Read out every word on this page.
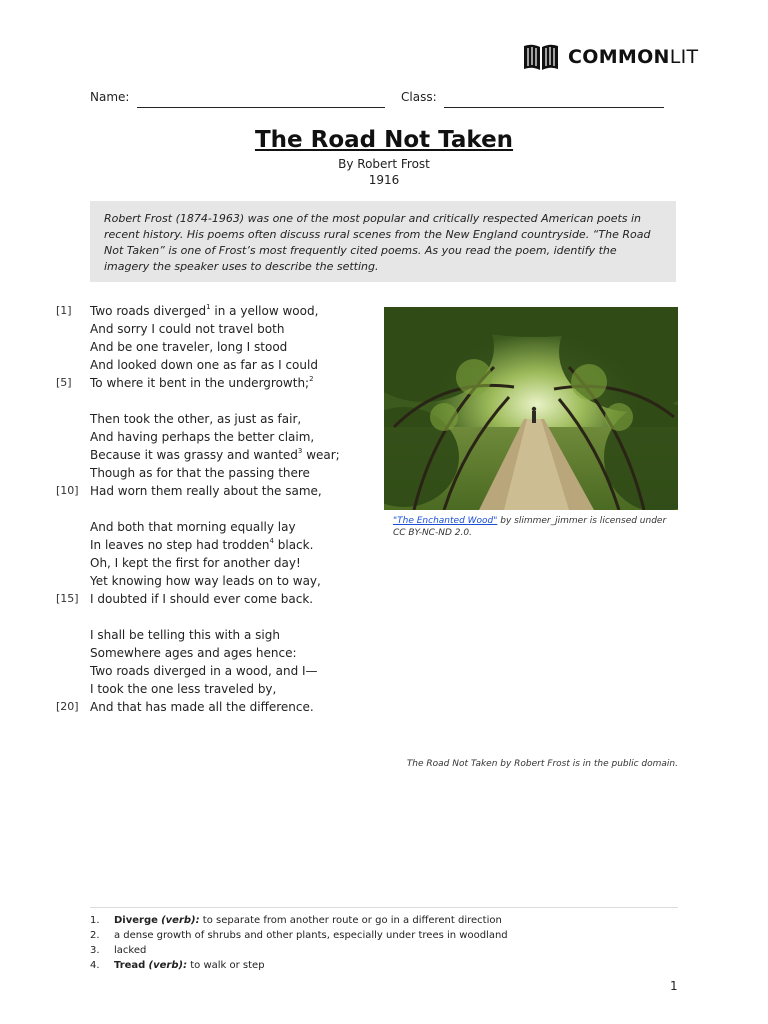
COMMONLIT
Name:	Class:
The Road Not Taken
By Robert Frost
1916
Robert Frost (1874-1963) was one of the most popular and critically respected American poets in recent history. His poems often discuss rural scenes from the New England countryside. “The Road Not Taken” is one of Frost’s most frequently cited poems. As you read the poem, identify the imagery the speaker uses to describe the setting.
Two roads diverged$^1$ in a yellow wood,
And sorry I could not travel both
And be one traveler, long I stood
And looked down one as far as I could
To where it bent in the undergrowth;$^2$
Then took the other, as just as fair,
And having perhaps the better claim,
Because it was grassy and wanted$^3$ wear;
Though as for that the passing there
Had worn them really about the same,
And both that morning equally lay
In leaves no step had trodden$^4$ black.
Oh, I kept the first for another day!
Yet knowing how way leads on to way,
I doubted if I should ever come back.
I shall be telling this with a sigh
Somewhere ages and ages hence:
Two roads diverged in a wood, and I—
I took the one less traveled by,
And that has made all the difference.
[1]
[5]
[10]
[15]
[20]
"The Enchanted Wood" by slimmer_jimmer is licensed under CC BY-NC-ND 2.0.
The Road Not Taken by Robert Frost is in the public domain.
1.	Diverge (verb): to separate from another route or go in a different direction
2.	a dense growth of shrubs and other plants, especially under trees in woodland
3.	lacked
4.	Tread (verb): to walk or step
1
